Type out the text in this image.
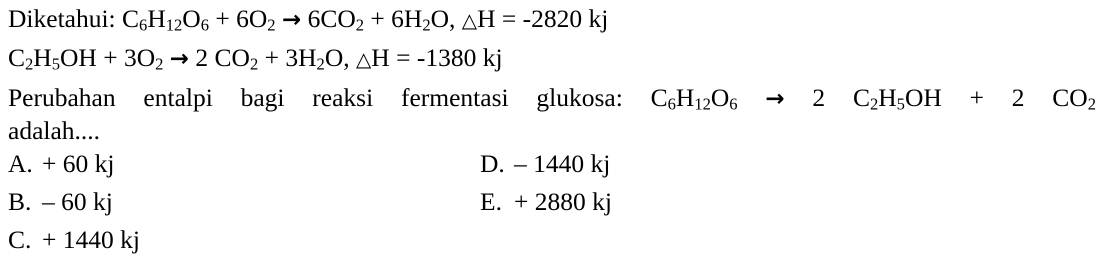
Diketahui: $C_6H_{12}O_6 + 6O_2 \to 6CO_2 + 6H_2O$, △H = -2820 kj
$C_2H_5OH + 3O_2 \to 2$ $CO_2 + 3H_2O$, △H = -1380 kj
Perubahan entalpi bagi reaksi fermentasi glukosa: $C_6H_{12}O_6 \to 2$ $C_2H_5OH + 2$ $CO_2$
adalah....
A. + 60 kj
B. – 60 kj
C. + 1440 kj
D. – 1440 kj
E. + 2880 kj
